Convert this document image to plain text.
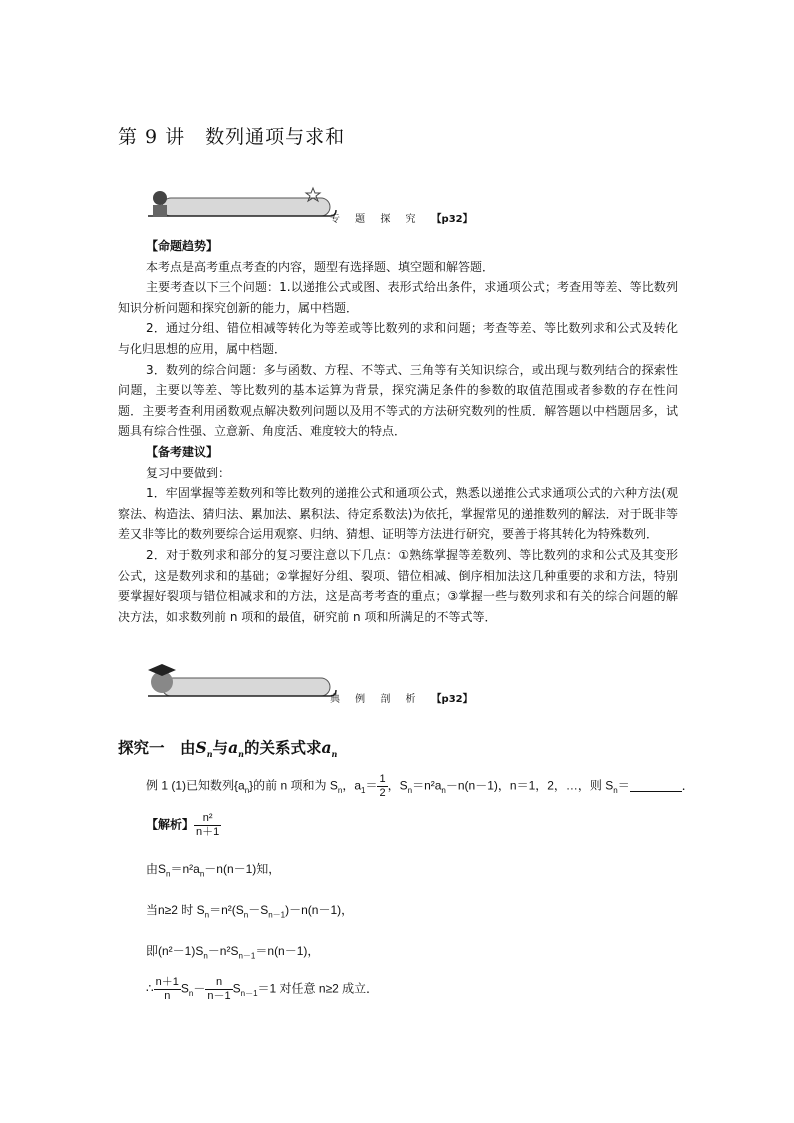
第 9 讲　数列通项与求和
专 题 探 究 【p32】

【命题趋势】

本考点是高考重点考查的内容，题型有选择题、填空题和解答题．

主要考查以下三个问题：1.以递推公式或图、表形式给出条件，求通项公式；考查用等差、等比数列知识分析问题和探究创新的能力，属中档题．

2．通过分组、错位相减等转化为等差或等比数列的求和问题；考查等差、等比数列求和公式及转化与化归思想的应用，属中档题．

3．数列的综合问题：多与函数、方程、不等式、三角等有关知识综合，或出现与数列结合的探索性问题，主要以等差、等比数列的基本运算为背景，探究满足条件的参数的取值范围或者参数的存在性问题．主要考查利用函数观点解决数列问题以及用不等式的方法研究数列的性质．解答题以中档题居多，试题具有综合性强、立意新、角度活、难度较大的特点．

【备考建议】

复习中要做到：

1．牢固掌握等差数列和等比数列的递推公式和通项公式，熟悉以递推公式求通项公式的六种方法(观察法、构造法、猜归法、累加法、累积法、待定系数法)为依托，掌握常见的递推数列的解法．对于既非等差又非等比的数列要综合运用观察、归纳、猜想、证明等方法进行研究，要善于将其转化为特殊数列．

2．对于数列求和部分的复习要注意以下几点：①熟练掌握等差数列、等比数列的求和公式及其变形公式，这是数列求和的基础；②掌握好分组、裂项、错位相减、倒序相加法这几种重要的求和方法，特别要掌握好裂项与错位相减求和的方法，这是高考考查的重点；③掌握一些与数列求和有关的综合问题的解决方法，如求数列前 n 项和的最值，研究前 n 项和所满足的不等式等．

典 例 剖 析 【p32】
探究一　由$S_n$与$a_n$的关系式求$a_n$
例 1 (1)已知数列$\{a_n\}$的前 n 项和为 $S_n$，$a_1= \frac{1}{2}$ ，$S_n=n^2a_n-n(n-1)$，n＝1，2，…，则 $S_n=$	．
【解析】 $\frac{\text{n²}}{n+1}$
由$S_n=n^2a_n-n(n-1)$知，
当n≥2 时 $S_n=n^2(S_n-S_{n-1})-n(n-1)$，
即$(n^2-1)S_n-n^2S_{n-1}=n(n-1)$，
∴ $\frac{n+1}{n} S_n- \frac{n}{n-1} S_{n-1}=1$ 对任意 n≥2 成立．
